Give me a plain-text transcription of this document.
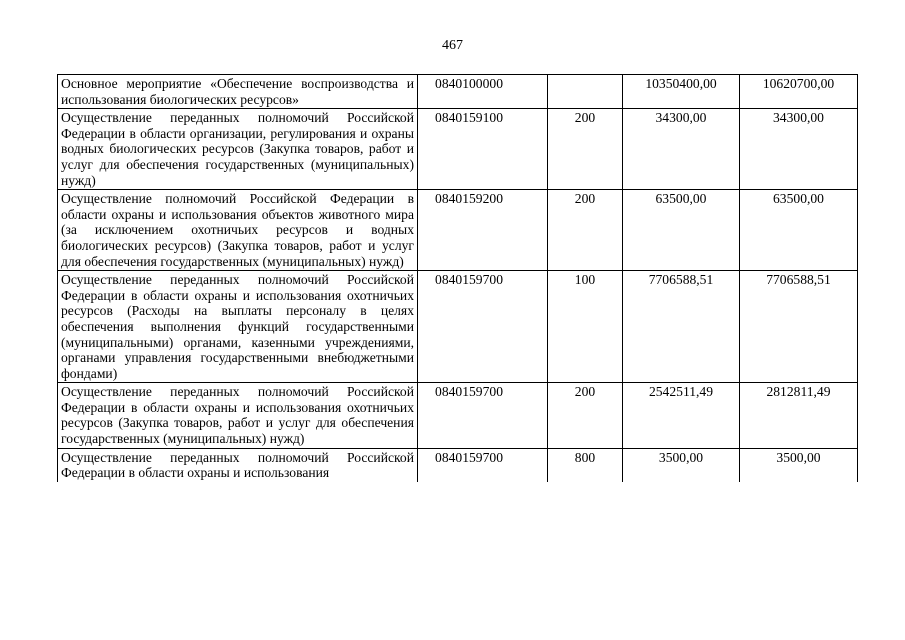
467
Основное мероприятие «Обеспечение воспроизводства и использования биологических ресурсов»	0840100000		10350400,00	10620700,00
Осуществление переданных полномочий Российской Федерации в области организации, регулирования и охраны водных биологических ресурсов (Закупка товаров, работ и услуг для обеспечения государственных (муниципальных) нужд)	0840159100	200	34300,00	34300,00
Осуществление полномочий Российской Федерации в области охраны и использования объектов животного мира (за исключением охотничьих ресурсов и водных биологических ресурсов) (Закупка товаров, работ и услуг для обеспечения государственных (муниципальных) нужд)	0840159200	200	63500,00	63500,00
Осуществление переданных полномочий Российской Федерации в области охраны и использования охотничьих ресурсов (Расходы на выплаты персоналу в целях обеспечения выполнения функций государственными (муниципальными) органами, казенными учреждениями, органами управления государственными внебюджетными фондами)	0840159700	100	7706588,51	7706588,51
Осуществление переданных полномочий Российской Федерации в области охраны и использования охотничьих ресурсов (Закупка товаров, работ и услуг для обеспечения государственных (муниципальных) нужд)	0840159700	200	2542511,49	2812811,49
Осуществление переданных полномочий Российской Федерации в области охраны и использования	0840159700	800	3500,00	3500,00
